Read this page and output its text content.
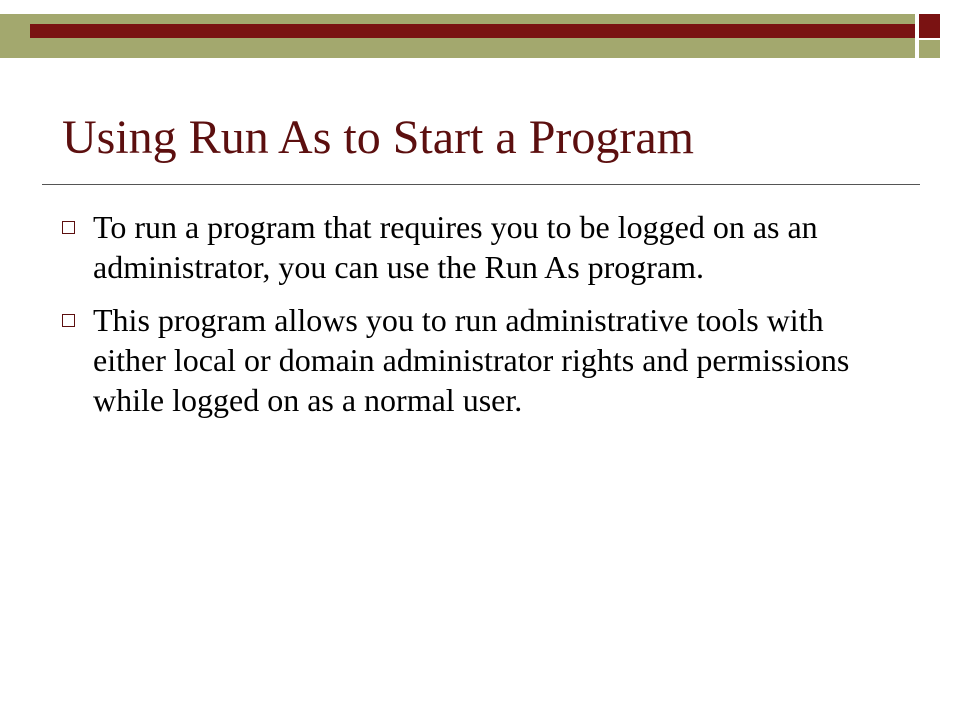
Using Run As to Start a Program
To run a program that requires you to be logged on as an administrator, you can use the Run As program.
This program allows you to run administrative tools with either local or domain administrator rights and permissions while logged on as a normal user.
